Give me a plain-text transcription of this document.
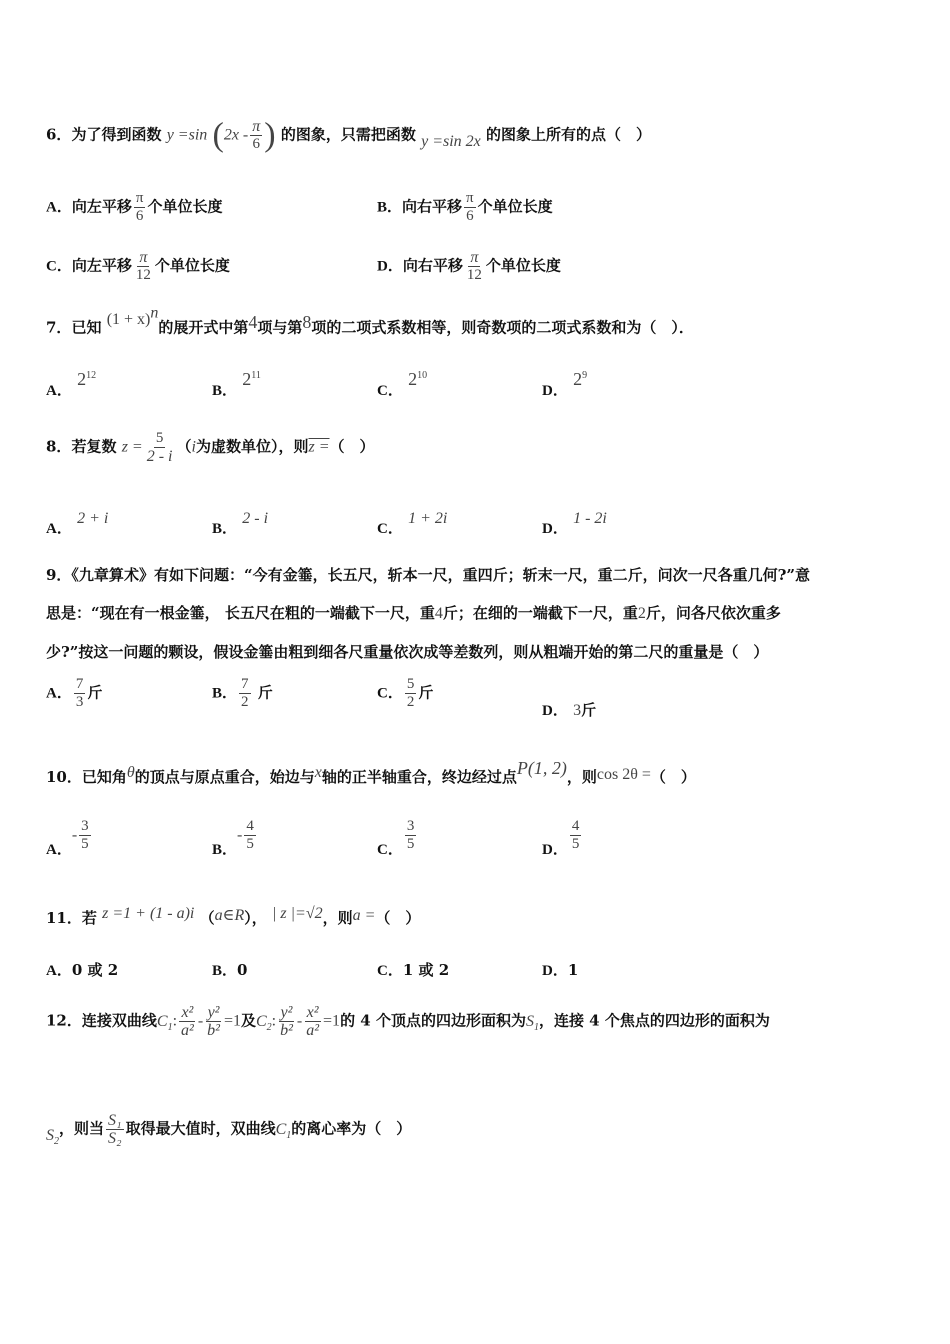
6．为了得到函数 y =sin ($2x - \frac{\pi}{6}$ ) 的图象，只需把函数 y =sin 2x 的图象上所有的点（　）
A．向左平移 $\frac{\pi}{6}$ 个单位长度	B．向右平移 $\frac{\pi}{6}$ 个单位长度
C．向左平移 $\frac{\pi}{12}$ 个单位长度	D．向右平移 $\frac{\pi}{12}$ 个单位长度
7．已知 $(1 + x)^n$的展开式中第4项与第8项的二项式系数相等，则奇数项的二项式系数和为（　）．
A． $2^{12}$
B． $2^{11}$
C． $2^{10}$
D． $2^9$
8．若复数 $z = \frac{5}{2 - i} (i$为虚数单位），则z =（　）
A． 2 + i
B． 2 - i
C． 1 + 2i
D． 1 - 2i
9．《九章算术》有如下问题：“今有金箠，长五尺，斩本一尺，重四斤；斩末一尺，重二斤，问次一尺各重几何?”意
思是：“现在有一根金箠， 长五尺在粗的一端截下一尺，重4斤；在细的一端截下一尺，重2斤，问各尺依次重多
少?”按这一问题的颗设，假设金箠由粗到细各尺重量依次成等差数列，则从粗端开始的第二尺的重量是（　）
A． $\frac{7}{3}$ 斤	B． $\frac{7}{2}$ 斤	C． $\frac{5}{2}$ 斤
D． 3斤
10．已知角θ的顶点与原点重合，始边与x轴的正半轴重合，终边经过点P(1, 2)，则cos 2θ =（　）
A．- $\frac{3}{5}$	B．- $\frac{4}{5}$	C． $\frac{3}{5}$	D． $\frac{4}{5}$
11．若 z =1 + (1 - a)i （a∈R）， | z |=√2，则a =（　）
A．0 或 2	B．0	C．1 或 2	D．1
12．连接双曲线$C_1$: $\frac{\text{x²}}{\text{a²}} - \frac{\text{y²}}{\text{b²}} =1$及$C_2$: $\frac{\text{y²}}{\text{b²}} - \frac{\text{x²}}{\text{a²}} =1$的 4 个顶点的四边形面积为$S_1$，连接 4 个焦点的四边形的面积为
$S_2$，则当 $\frac{\text{S₁}}{\text{S₂}}$ 取得最大值时，双曲线$C_1$的离心率为（　）
